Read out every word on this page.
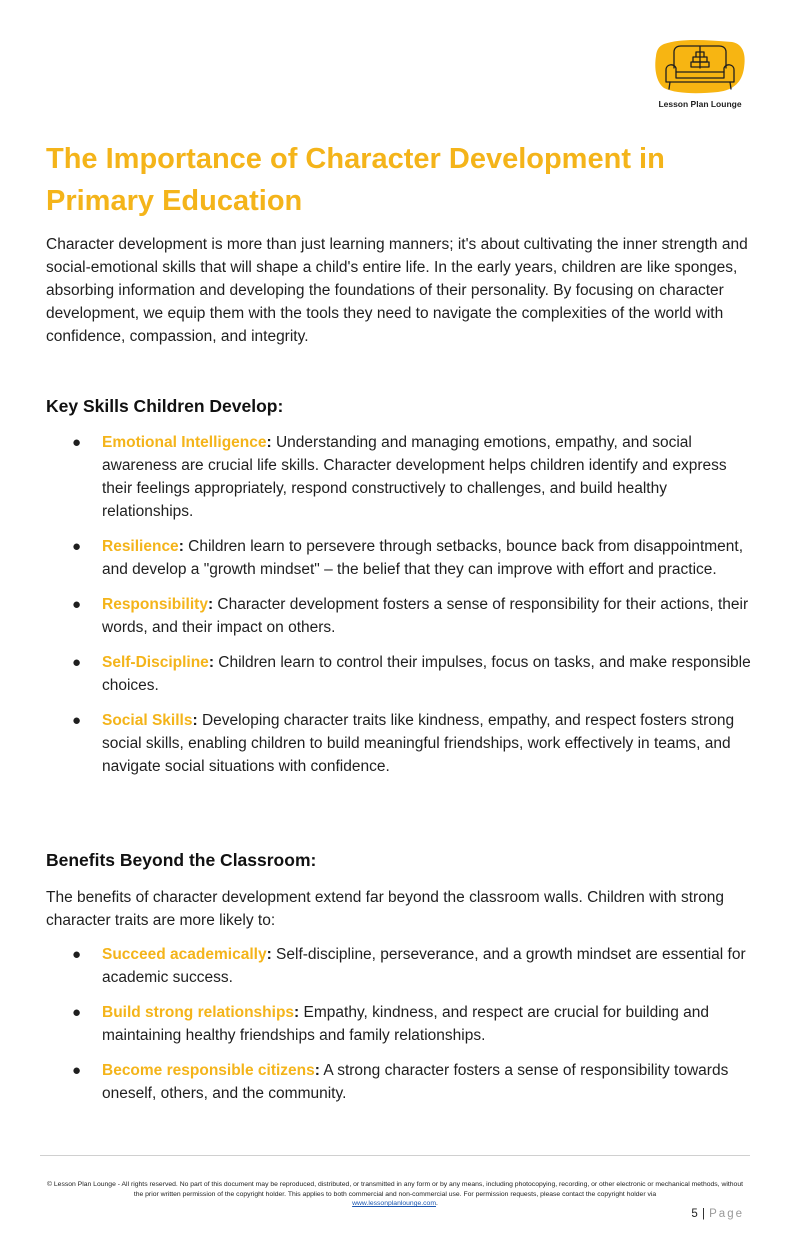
Lesson Plan Lounge
The Importance of Character Development in Primary Education

Character development is more than just learning manners; it's about cultivating the inner strength and social-emotional skills that will shape a child's entire life. In the early years, children are like sponges, absorbing information and developing the foundations of their personality. By focusing on character development, we equip them with the tools they need to navigate the complexities of the world with confidence, compassion, and integrity.

Key Skills Children Develop:
● Emotional Intelligence: Understanding and managing emotions, empathy, and social awareness are crucial life skills. Character development helps children identify and express their feelings appropriately, respond constructively to challenges, and build healthy relationships.
● Resilience: Children learn to persevere through setbacks, bounce back from disappointment, and develop a "growth mindset" – the belief that they can improve with effort and practice.
● Responsibility: Character development fosters a sense of responsibility for their actions, their words, and their impact on others.
● Self-Discipline: Children learn to control their impulses, focus on tasks, and make responsible choices.
● Social Skills: Developing character traits like kindness, empathy, and respect fosters strong social skills, enabling children to build meaningful friendships, work effectively in teams, and navigate social situations with confidence.
Benefits Beyond the Classroom:

The benefits of character development extend far beyond the classroom walls. Children with strong character traits are more likely to:

● Succeed academically: Self-discipline, perseverance, and a growth mindset are essential for academic success.
● Build strong relationships: Empathy, kindness, and respect are crucial for building and maintaining healthy friendships and family relationships.
● Become responsible citizens: A strong character fosters a sense of responsibility towards oneself, others, and the community.
© Lesson Plan Lounge - All rights reserved. No part of this document may be reproduced, distributed, or transmitted in any form or by any means, including photocopying, recording, or other electronic or mechanical methods, without the prior written permission of the copyright holder. This applies to both commercial and non-commercial use. For permission requests, please contact the copyright holder via
www.lessonplanlounge.com.
5 | Page
